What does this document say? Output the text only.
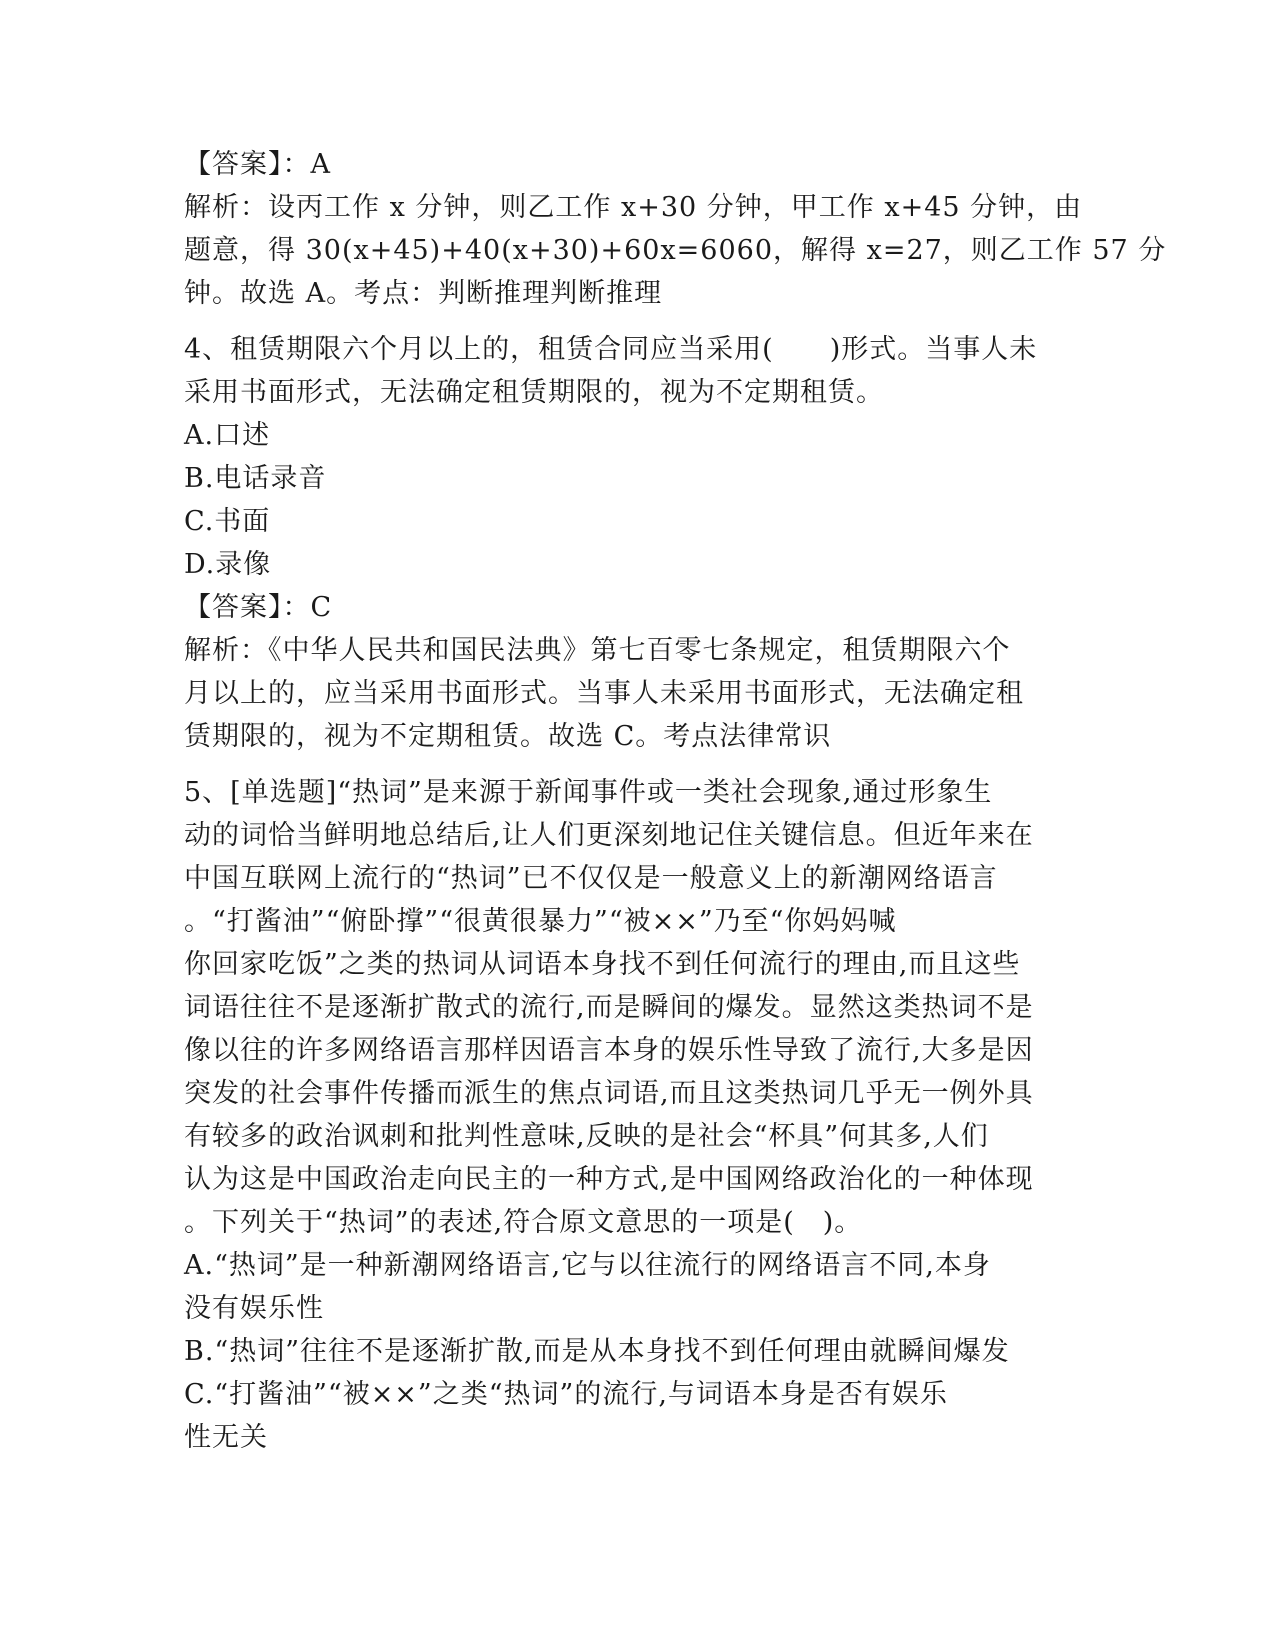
【答案】：A
解析：设丙工作 x 分钟，则乙工作 x+30 分钟，甲工作 x+45 分钟，由
题意，得 30(x+45)+40(x+30)+60x=6060，解得 x=27，则乙工作 57 分
钟。故选 A。考点：判断推理判断推理
4、租赁期限六个月以上的，租赁合同应当采用(　　)形式。当事人未
采用书面形式，无法确定租赁期限的，视为不定期租赁。
A.口述
B.电话录音
C.书面
D.录像
【答案】：C
解析：《中华人民共和国民法典》第七百零七条规定，租赁期限六个
月以上的，应当采用书面形式。当事人未采用书面形式，无法确定租
赁期限的，视为不定期租赁。故选 C。考点法律常识
5、[单选题]“热词”是来源于新闻事件或一类社会现象,通过形象生
动的词恰当鲜明地总结后,让人们更深刻地记住关键信息。但近年来在
中国互联网上流行的“热词”已不仅仅是一般意义上的新潮网络语言
。“打酱油”“俯卧撑”“很黄很暴力”“被××”乃至“你妈妈喊
你回家吃饭”之类的热词从词语本身找不到任何流行的理由,而且这些
词语往往不是逐渐扩散式的流行,而是瞬间的爆发。显然这类热词不是
像以往的许多网络语言那样因语言本身的娱乐性导致了流行,大多是因
突发的社会事件传播而派生的焦点词语,而且这类热词几乎无一例外具
有较多的政治讽刺和批判性意味,反映的是社会“杯具”何其多,人们
认为这是中国政治走向民主的一种方式,是中国网络政治化的一种体现
。下列关于“热词”的表述,符合原文意思的一项是(　)。
A.“热词”是一种新潮网络语言,它与以往流行的网络语言不同,本身
没有娱乐性
B.“热词”往往不是逐渐扩散,而是从本身找不到任何理由就瞬间爆发
C.“打酱油”“被××”之类“热词”的流行,与词语本身是否有娱乐
性无关
